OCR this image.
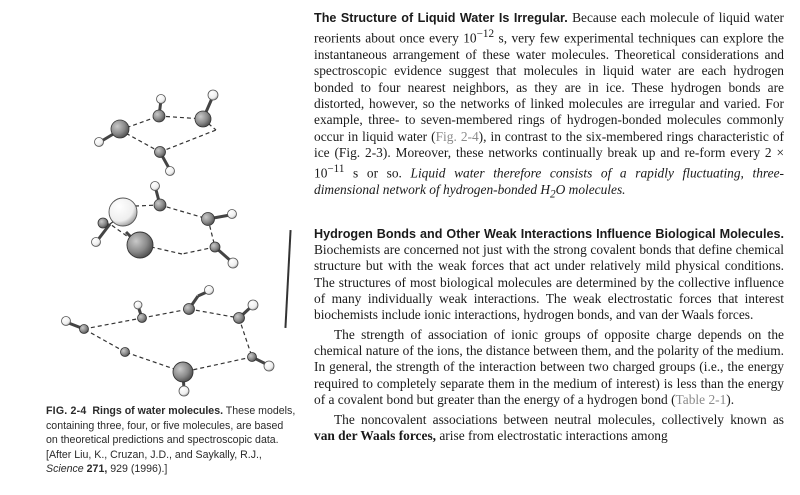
FIG. 2-4 Rings of water molecules. These models, containing three, four, or five molecules, are based on theoretical predictions and spectroscopic data. [After Liu, K., Cruzan, J.D., and Saykally, R.J., Science 271, 929 (1996).]

The Structure of Liquid Water Is Irregular. Because each molecule of liquid water reorients about once every $10^{-12}$ s, very few experimental techniques can explore the instantaneous arrangement of these water molecules. Theoretical considerations and spectroscopic evidence suggest that molecules in liquid water are each hydrogen bonded to four nearest neighbors, as they are in ice. These hydrogen bonds are distorted, however, so the networks of linked molecules are irregular and varied. For example, three- to seven-membered rings of hydrogen-bonded molecules commonly occur in liquid water (Fig. 2-4), in contrast to the six-membered rings characteristic of ice (Fig. 2-3). Moreover, these networks continually break up and re-form every $2 \times 10^{-11}$ s or so. Liquid water therefore consists of a rapidly fluctuating, three-dimensional network of hydrogen-bonded $H_2O$ molecules.

Hydrogen Bonds and Other Weak Interactions Influence Biological Molecules. Biochemists are concerned not just with the strong covalent bonds that define chemical structure but with the weak forces that act under relatively mild physical conditions. The structures of most biological molecules are determined by the collective influence of many individually weak interactions. The weak electrostatic forces that interest biochemists include ionic interactions, hydrogen bonds, and van der Waals forces.

The strength of association of ionic groups of opposite charge depends on the chemical nature of the ions, the distance between them, and the polarity of the medium. In general, the strength of the interaction between two charged groups (i.e., the energy required to completely separate them in the medium of interest) is less than the energy of a covalent bond but greater than the energy of a hydrogen bond (Table 2-1).

The noncovalent associations between neutral molecules, collectively known as van der Waals forces, arise from electrostatic interactions among
